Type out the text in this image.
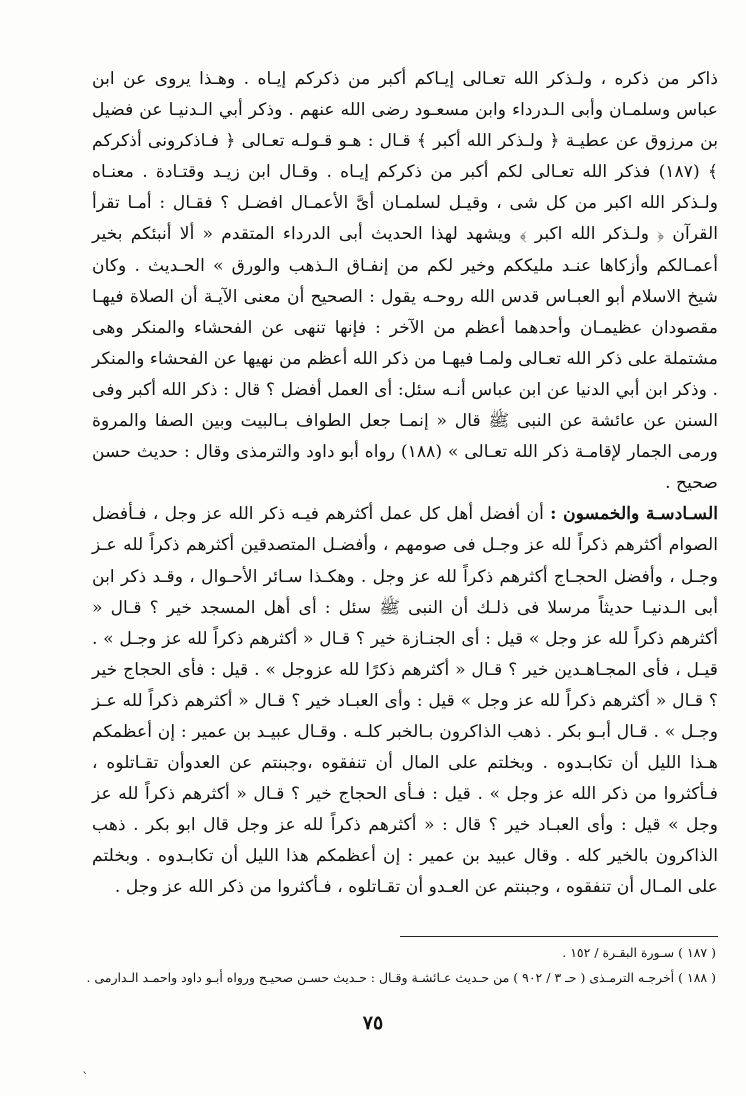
ذاكر من ذكره ، ولـذكر الله تعـالى إيـاكم أكبر من ذكركم إيـاه . وهـذا يروى عن ابن عباس وسلمـان وأبى الـدرداء وابن مسعـود رضى الله عنهم . وذكر أبي الـدنيـا عن فضيل بن مرزوق عن عطيـة ﴿ ولـذكر الله أكبر ﴾ قـال : هـو قـولـه تعـالى ﴿ فـاذكرونى أذكركم ﴾ (١٨٧) فذكر الله تعـالى لكم أكبر من ذكركم إيـاه . وقـال ابن زيـد وقتـادة . معنـاه ولـذكر الله اكبر من كل شى ، وقيـل لسلمـان أىَّ الأعمـال افضـل ؟ فقـال : أمـا تقرأ القرآن ﴿ ولـذكر الله اكبر ﴾ ويشهد لهذا الحديث أبى الدرداء المتقدم « ألا أنبئكم بخير أعمـالكم وأزكاها عنـد مليككم وخير لكم من إنفـاق الـذهب والورق » الحـديث . وكان شيخ الاسلام أبو العبـاس قدس الله روحـه يقول : الصحيح أن معنى الآيـة أن الصلاة فيهـا مقصودان عظيمـان وأحدهما أعظم من الآخر : فإنها تنهى عن الفحشاء والمنكر وهى مشتملة على ذكر الله تعـالى ولمـا فيهـا من ذكر الله أعظم من نهيها عن الفحشاء والمنكر . وذكر ابن أبي الدنيا عن ابن عباس أنـه سئل: أى العمل أفضل ؟ قال : ذكر الله أكبر وفى السنن عن عائشة عن النبى ﷺ قال « إنمـا جعل الطواف بـالبيت وبين الصفا والمروة ورمى الجمار لإقامـة ذكر الله تعـالى » (١٨٨) رواه أبو داود والترمذى وقال : حديث حسن صحيح .

السـادسـة والخمسون : أن أفضل أهل كل عمل أكثرهم فيـه ذكر الله عز وجل ، فـأفضل الصوام أكثرهم ذكراً لله عز وجـل فى صومهم ، وأفضـل المتصدقين أكثرهم ذكراً لله عـز وجـل ، وأفضل الحجـاج أكثرهم ذكراً لله عز وجل . وهكـذا سـائر الأحـوال ، وقـد ذكر ابن أبى الـدنيـا حديثاً مرسلا فى ذلـك أن النبى ﷺ سئل : أى أهل المسجد خير ؟ قـال « أكثرهم ذكراً لله عز وجل » قيل : أى الجنـازة خير ؟ قـال « أكثرهم ذكراً لله عز وجـل » . قيـل ، فأى المجـاهـدين خير ؟ قـال « أكثرهم ذكرًا لله عزوجل » . قيل : فأى الحجاج خير ؟ قـال « أكثرهم ذكراً لله عز وجل » قيل : وأى العبـاد خير ؟ قـال « أكثرهم ذكراً لله عـز وجـل » . قـال أبـو بكر . ذهب الذاكرون بـالخبر كلـه . وقـال عبيـد بن عمير : إن أعظمكم هـذا الليل أن تكابـدوه . وبخلتم على المال أن تنفقوه ،وجبنتم عن العدوأن تقـاتلوه ، فـأكثروا من ذكر الله عز وجل » . قيل : فـأى الحجاج خير ؟ قـال « أكثرهم ذكراً لله عز وجل » قيل : وأى العبـاد خير ؟ قال : « أكثرهم ذكراً لله عز وجل قال ابو بكر . ذهب الذاكرون بالخير كله . وقال عبيد بن عمير : إن أعظمكم هذا الليل أن تكابـدوه . وبخلتم على المـال أن تنفقوه ، وجبنتم عن العـدو أن تقـاتلوه ، فـأكثروا من ذكر الله عز وجل .

( ١٨٧ ) سـورة البقـرة / ١٥٢ .

( ١٨٨ ) أخرجـه الترمـذى ( حـ ٣ / ٩٠٢ ) من حـديث عـائشـة وقـال : حـديث حسـن صحيـح ورواه أبـو داود واحمـد الـدارمى .

٧٥
`
